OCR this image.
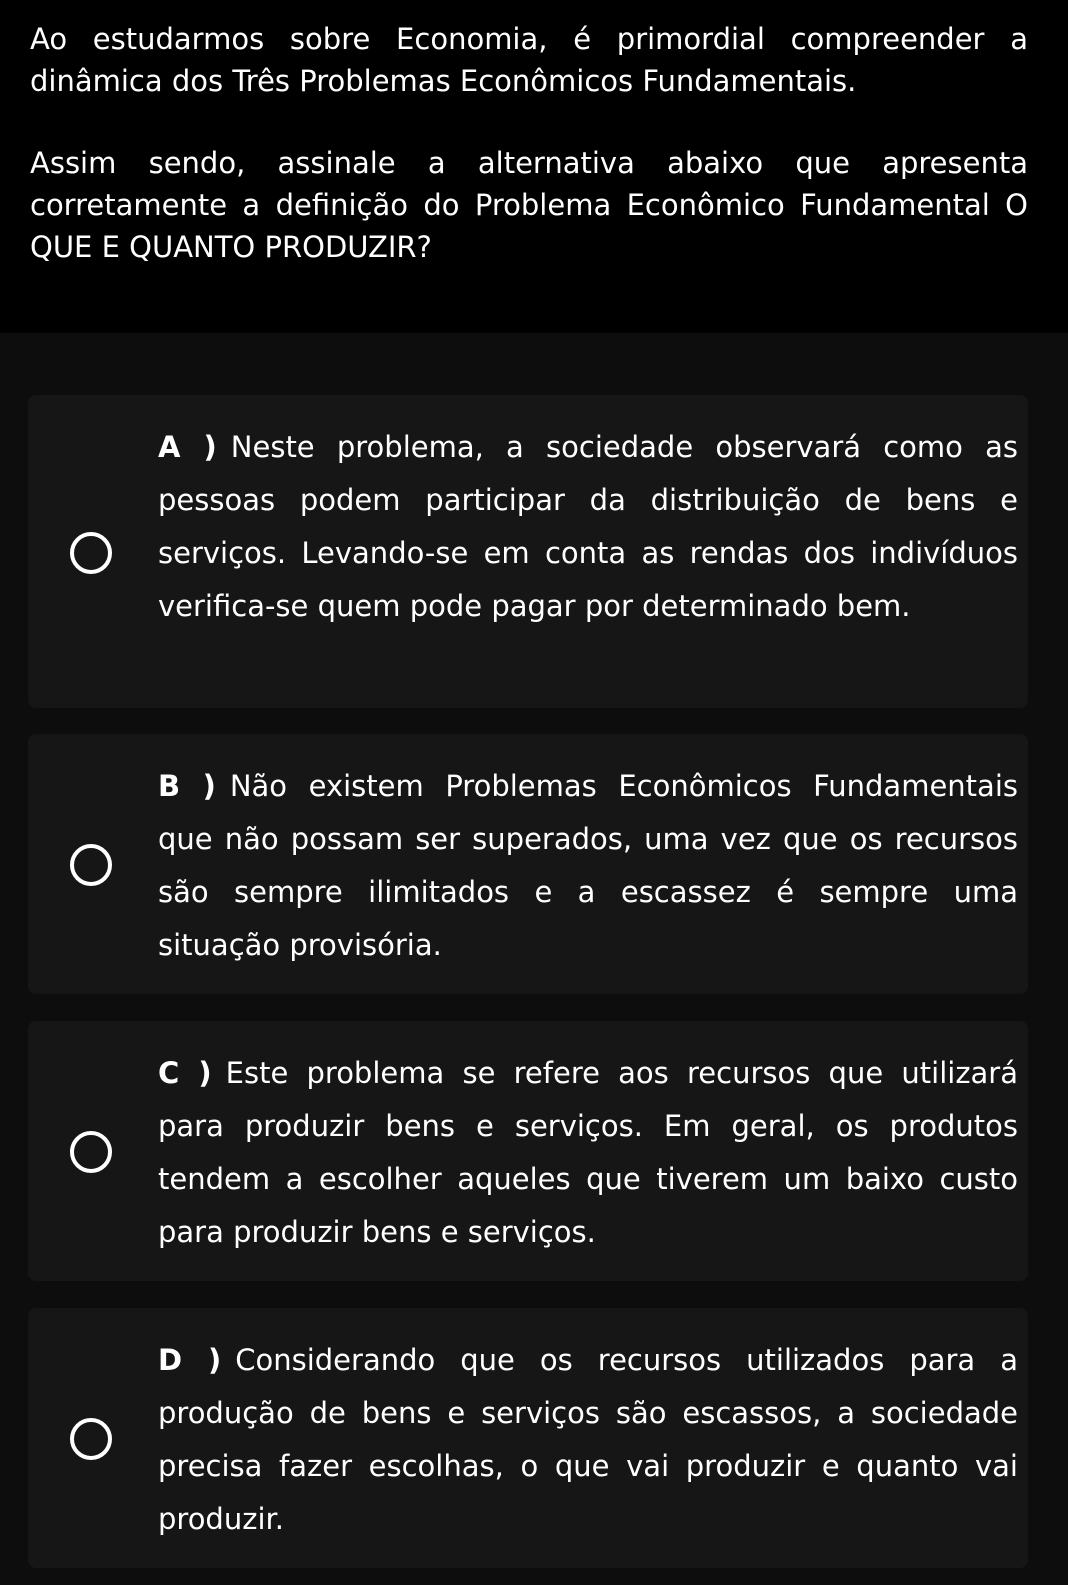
Ao estudarmos sobre Economia, é primordial compreender a dinâmica dos Três Problemas Econômicos Fundamentais.

Assim sendo, assinale a alternativa abaixo que apresenta corretamente a definição do Problema Econômico Fundamental O QUE E QUANTO PRODUZIR?

A ) Neste problema, a sociedade observará como as pessoas podem participar da distribuição de bens e serviços. Levando-se em conta as rendas dos indivíduos verifica-se quem pode pagar por determinado bem.
B ) Não existem Problemas Econômicos Fundamentais que não possam ser superados, uma vez que os recursos são sempre ilimitados e a escassez é sempre uma situação provisória.
C ) Este problema se refere aos recursos que utilizará para produzir bens e serviços. Em geral, os produtos tendem a escolher aqueles que tiverem um baixo custo para produzir bens e serviços.
D ) Considerando que os recursos utilizados para a produção de bens e serviços são escassos, a sociedade precisa fazer escolhas, o que vai produzir e quanto vai produzir.
